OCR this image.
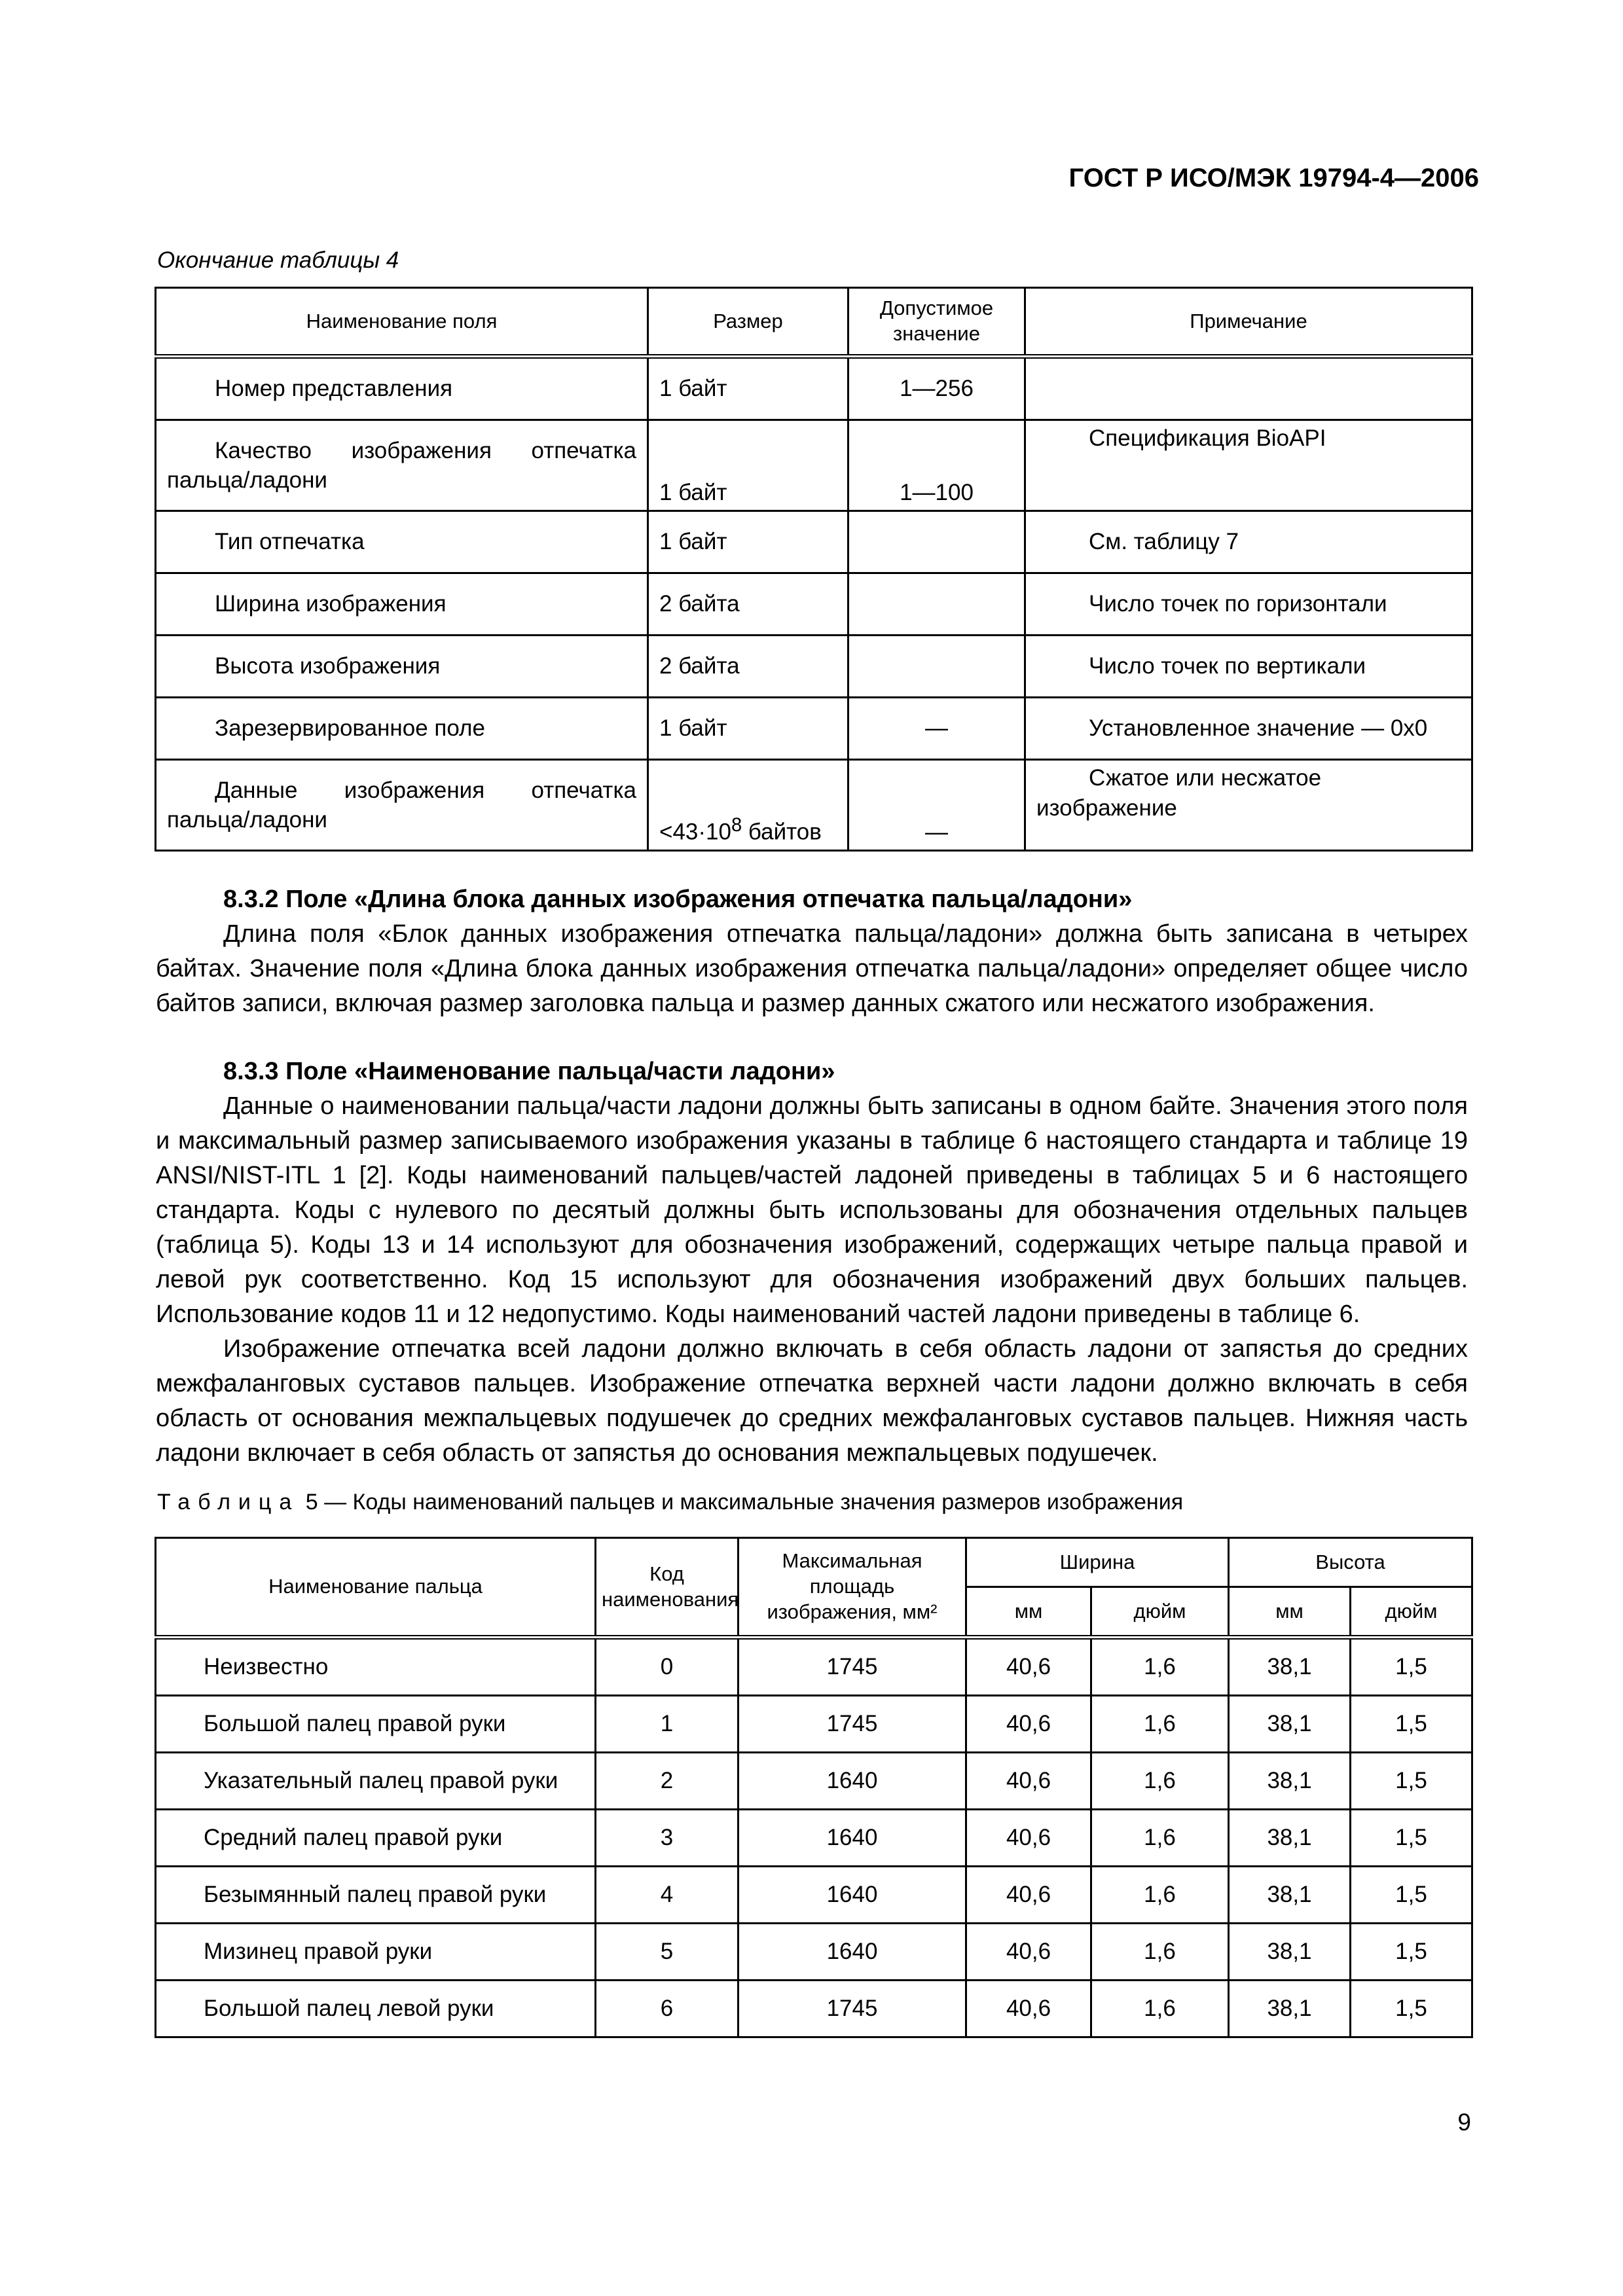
ГОСТ Р ИСО/МЭК 19794-4—2006
Окончание таблицы 4
Наименование поля	Размер	Допустимое значение	Примечание
Номер представления	1 байт	1—256	
Качество изображения отпечатка пальца/ладони	1 байт	1—100	Спецификация BioAPI
Тип отпечатка	1 байт		См. таблицу 7
Ширина изображения	2 байта		Число точек по горизонтали
Высота изображения	2 байта		Число точек по вертикали
Зарезервированное поле	1 байт	—	Установленное значение — 0x0
Данные изображения отпечатка пальца/ладони	$<43\cdot 10^8$ байтов	—	Сжатое или несжатое изображение
8.3.2 Поле «Длина блока данных изображения отпечатка пальца/ладони»

Длина поля «Блок данных изображения отпечатка пальца/ладони» должна быть записана в четырех байтах. Значение поля «Длина блока данных изображения отпечатка пальца/ладони» определяет общее число байтов записи, включая размер заголовка пальца и размер данных сжатого или несжатого изображения.

8.3.3 Поле «Наименование пальца/части ладони»

Данные о наименовании пальца/части ладони должны быть записаны в одном байте. Значения этого поля и максимальный размер записываемого изображения указаны в таблице 6 настоящего стандарта и таблице 19 ANSI/NIST-ITL 1 [2]. Коды наименований пальцев/частей ладоней приведены в таблицах 5 и 6 настоящего стандарта. Коды с нулевого по десятый должны быть использованы для обозначения отдельных пальцев (таблица 5). Коды 13 и 14 используют для обозначения изображений, содержащих четыре пальца правой и левой рук соответственно. Код 15 используют для обозначения изображений двух больших пальцев. Использование кодов 11 и 12 недопустимо. Коды наименований частей ладони приведены в таблице 6.

Изображение отпечатка всей ладони должно включать в себя область ладони от запястья до средних межфаланговых суставов пальцев. Изображение отпечатка верхней части ладони должно включать в себя область от основания межпальцевых подушечек до средних межфаланговых суставов пальцев. Нижняя часть ладони включает в себя область от запястья до основания межпальцевых подушечек.

Таблица 5 — Коды наименований пальцев и максимальные значения размеров изображения
Наименование пальца	Код наименования	Максимальная площадь изображения, мм²	Ширина		Высота	
			мм	дюйм	мм	дюйм
Неизвестно	0	1745	40,6	1,6	38,1	1,5
Большой палец правой руки	1	1745	40,6	1,6	38,1	1,5
Указательный палец правой руки	2	1640	40,6	1,6	38,1	1,5
Средний палец правой руки	3	1640	40,6	1,6	38,1	1,5
Безымянный палец правой руки	4	1640	40,6	1,6	38,1	1,5
Мизинец правой руки	5	1640	40,6	1,6	38,1	1,5
Большой палец левой руки	6	1745	40,6	1,6	38,1	1,5
9
